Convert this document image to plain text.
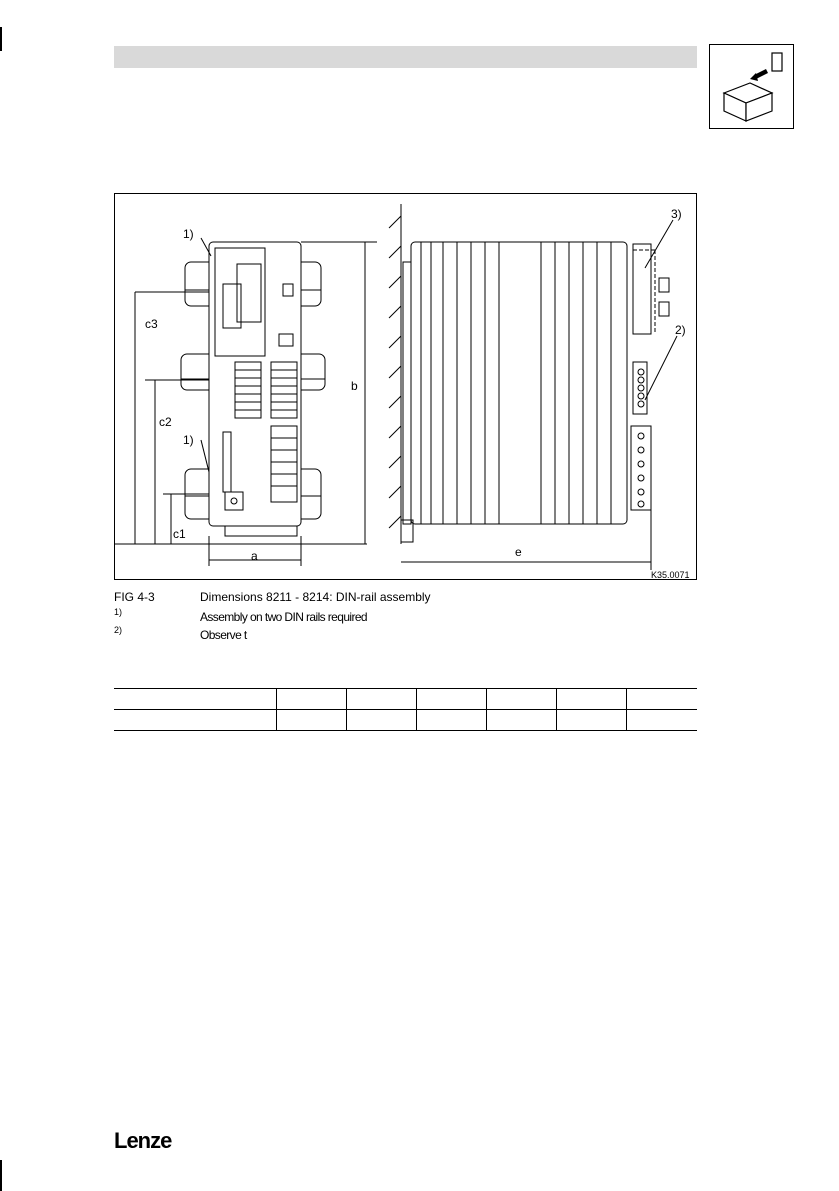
1)
1)
3)
2)
c3
c2
c1
b
a	e
K35.0071
FIG 4-3	Dimensions 8211 - 8214: DIN-rail assembly
1)	Assembly on two DIN rails required
2)	Observe t

Lenze
